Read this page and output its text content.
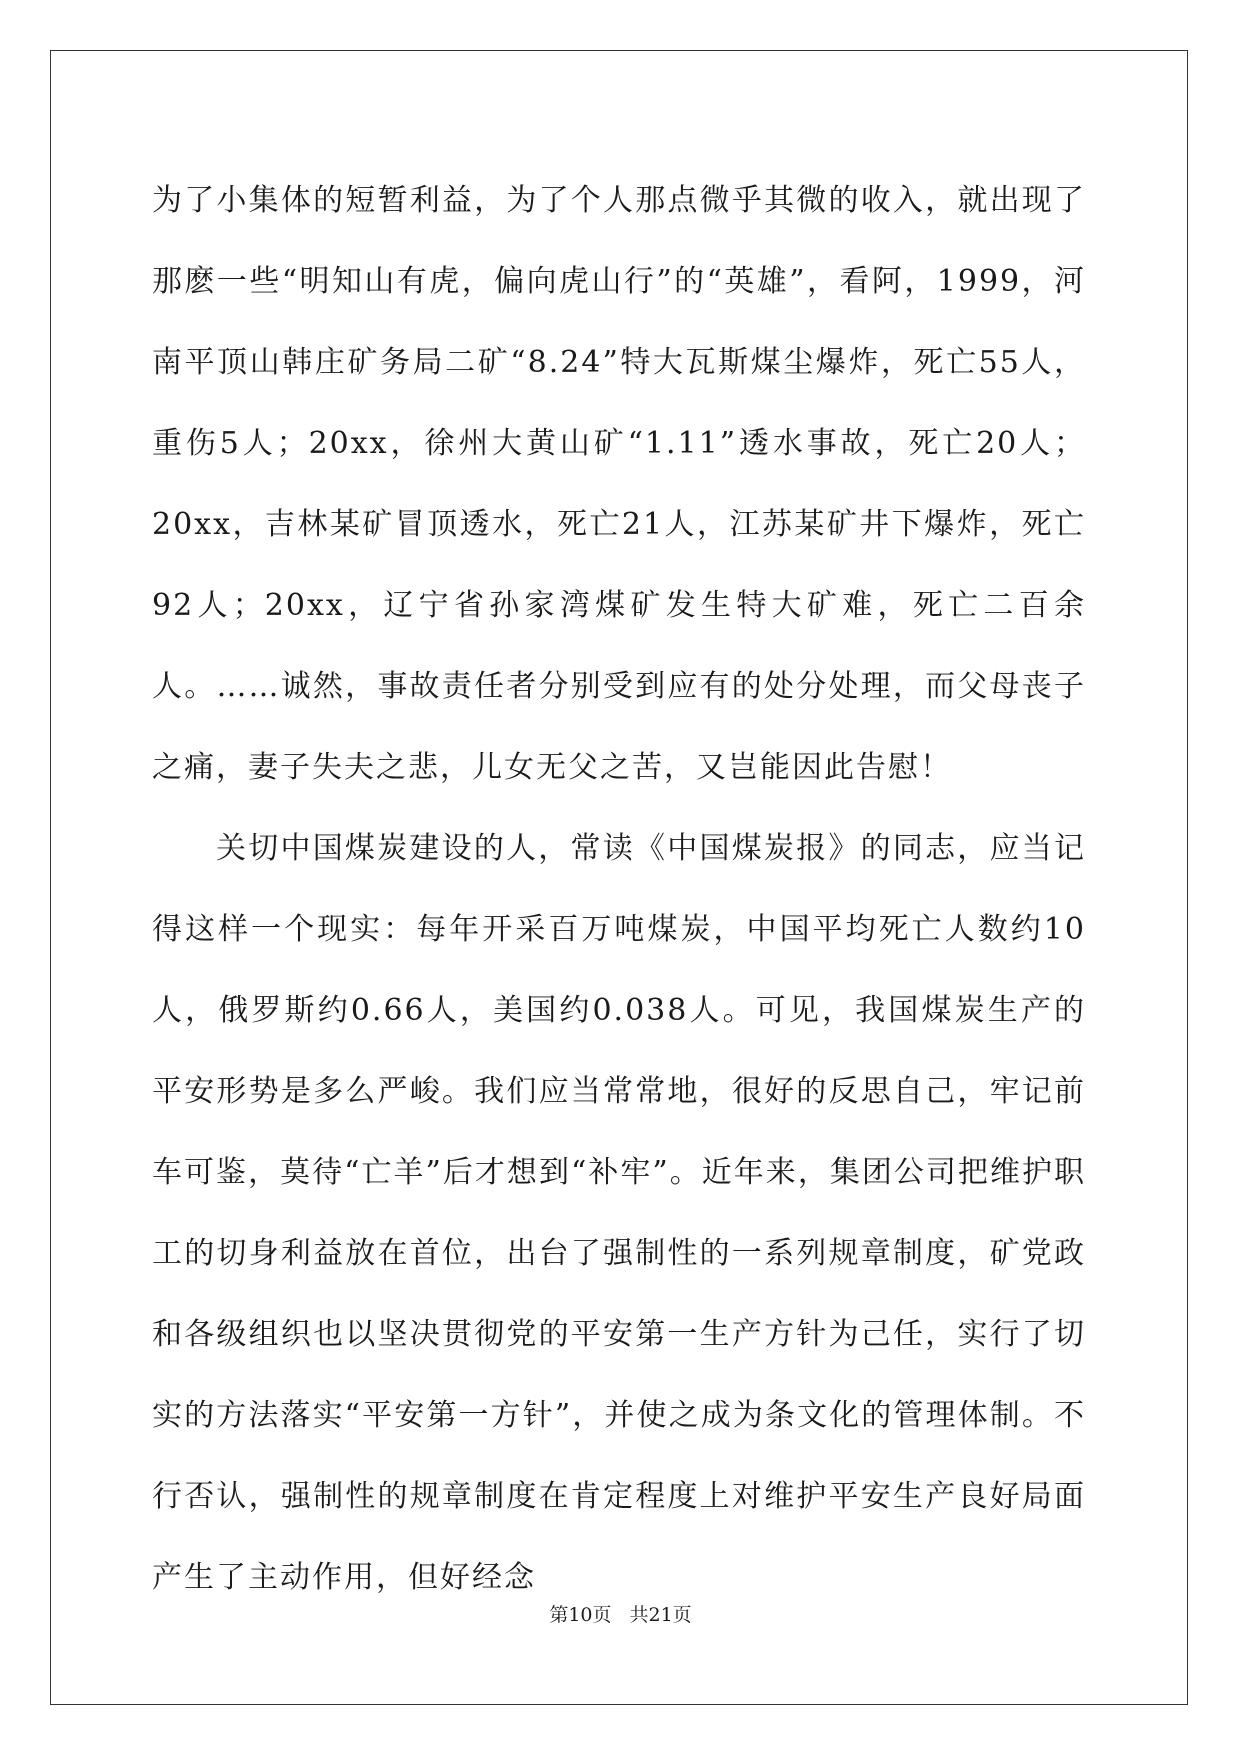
为了小集体的短暂利益，为了个人那点微乎其微的收入，就出现了那麽一些“明知山有虎，偏向虎山行”的“英雄”，看阿，1999，河南平顶山韩庄矿务局二矿“8.24”特大瓦斯煤尘爆炸，死亡55人，重伤5人；20xx，徐州大黄山矿“1.11”透水事故，死亡20人；20xx，吉林某矿冒顶透水，死亡21人，江苏某矿井下爆炸，死亡92人；20xx，辽宁省孙家湾煤矿发生特大矿难，死亡二百余人。……诚然，事故责任者分别受到应有的处分处理，而父母丧子之痛，妻子失夫之悲，儿女无父之苦，又岂能因此告慰！

关切中国煤炭建设的人，常读《中国煤炭报》的同志，应当记得这样一个现实：每年开采百万吨煤炭，中国平均死亡人数约10人，俄罗斯约0.66人，美国约0.038人。可见，我国煤炭生产的平安形势是多么严峻。我们应当常常地，很好的反思自己，牢记前车可鉴，莫待“亡羊”后才想到“补牢”。近年来，集团公司把维护职工的切身利益放在首位，出台了强制性的一系列规章制度，矿党政和各级组织也以坚决贯彻党的平安第一生产方针为己任，实行了切实的方法落实“平安第一方针”，并使之成为条文化的管理体制。不行否认，强制性的规章制度在肯定程度上对维护平安生产良好局面产生了主动作用，但好经念

第10页 共21页
